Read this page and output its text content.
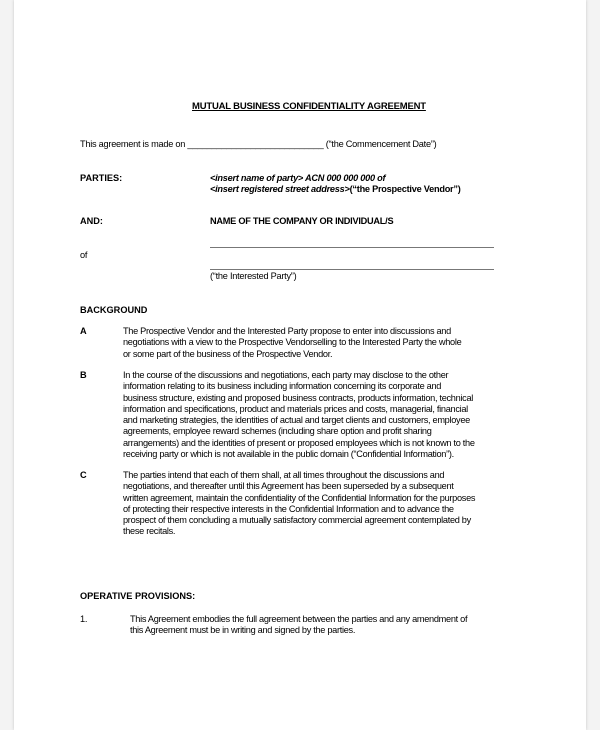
MUTUAL BUSINESS CONFIDENTIALITY AGREEMENT
This agreement is made on ____________________________ (“the Commencement Date”)
PARTIES:	<insert name of party> ACN 000 000 000 of
<insert registered street address>(“the Prospective Vendor”)
AND:	NAME OF THE COMPANY OR INDIVIDUAL/S
of
(“the Interested Party”)
BACKGROUND
A	The Prospective Vendor and the Interested Party propose to enter into discussions and
negotiations with a view to the Prospective Vendorselling to the Interested Party the whole
or some part of the business of the Prospective Vendor.
B	In the course of the discussions and negotiations, each party may disclose to the other
information relating to its business including information concerning its corporate and
business structure, existing and proposed business contracts, products information, technical
information and specifications, product and materials prices and costs, managerial, financial
and marketing strategies, the identities of actual and target clients and customers, employee
agreements, employee reward schemes (including share option and profit sharing
arrangements) and the identities of present or proposed employees which is not known to the
receiving party or which is not available in the public domain (“Confidential Information”).
C	The parties intend that each of them shall, at all times throughout the discussions and
negotiations, and thereafter until this Agreement has been superseded by a subsequent
written agreement, maintain the confidentiality of the Confidential Information for the purposes
of protecting their respective interests in the Confidential Information and to advance the
prospect of them concluding a mutually satisfactory commercial agreement contemplated by
these recitals.
OPERATIVE PROVISIONS:
1.	This Agreement embodies the full agreement between the parties and any amendment of
this Agreement must be in writing and signed by the parties.
